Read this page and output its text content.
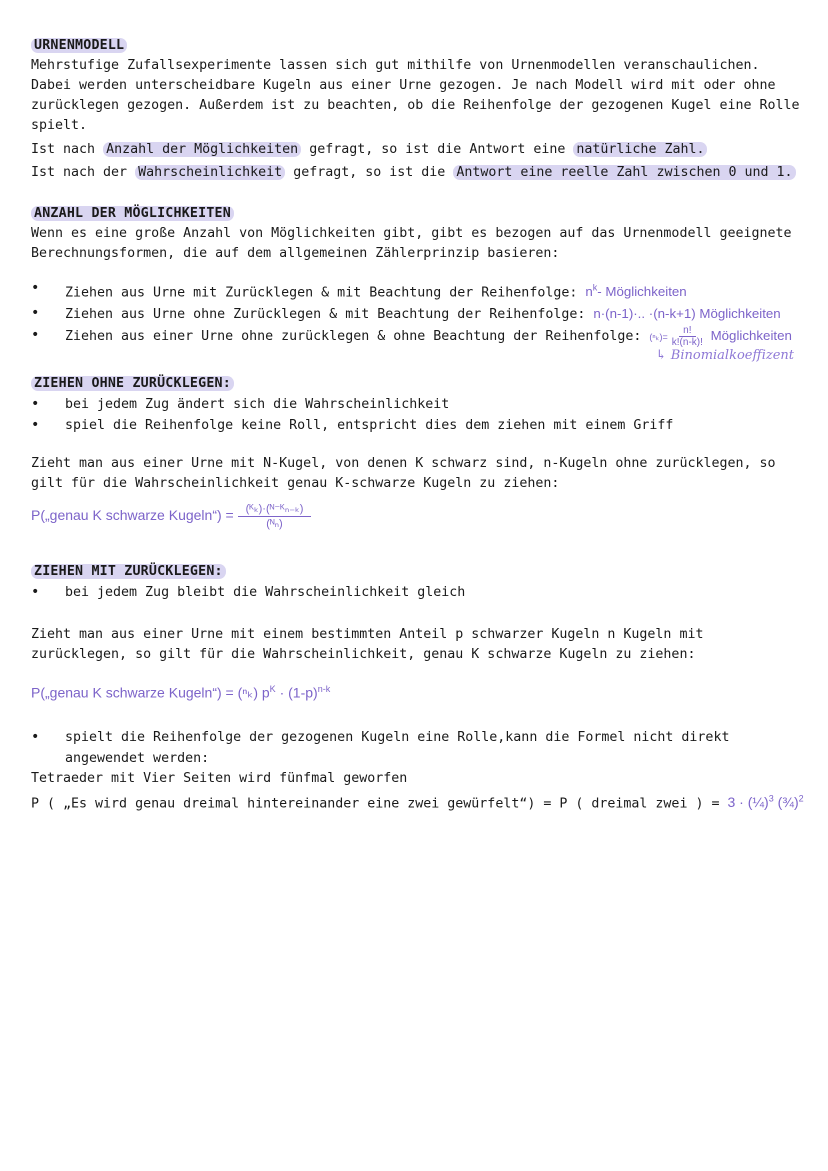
URNENMODELL
Mehrstufige Zufallsexperimente lassen sich gut mithilfe von Urnenmodellen veranschaulichen. Dabei werden unterscheidbare Kugeln aus einer Urne gezogen. Je nach Modell wird mit oder ohne zurücklegen gezogen. Außerdem ist zu beachten, ob die Reihenfolge der gezogenen Kugel eine Rolle spielt.
Ist nach Anzahl der Möglichkeiten gefragt, so ist die Antwort eine natürliche Zahl.
Ist nach der Wahrscheinlichkeit gefragt, so ist die Antwort eine reelle Zahl zwischen 0 und 1.
ANZAHL DER MÖGLICHKEITEN
Wenn es eine große Anzahl von Möglichkeiten gibt, gibt es bezogen auf das Urnenmodell geeignete Berechnungsformen, die auf dem allgemeinen Zählerprinzip basieren:
• Ziehen aus Urne mit Zurücklegen & mit Beachtung der Reihenfolge: $n^k-$ Möglichkeiten
• Ziehen aus Urne ohne Zurücklegen & mit Beachtung der Reihenfolge: n·(n-1)·.. ·(n-k+1) Möglichkeiten
• Ziehen aus einer Urne ohne zurücklegen & ohne Beachtung der Reihenfolge: $(^n_k)= \frac{n!}{k!(n-k)!}$ Möglichkeiten
↳ Binomialkoeffizent
ZIEHEN OHNE ZURÜCKLEGEN:
• bei jedem Zug ändert sich die Wahrscheinlichkeit
• spiel die Reihenfolge keine Roll, entspricht dies dem ziehen mit einem Griff
Zieht man aus einer Urne mit N-Kugel, von denen K schwarz sind, n-Kugeln ohne zurücklegen, so gilt für die Wahrscheinlichkeit genau K-schwarze Kugeln zu ziehen:
P(„genau K schwarze Kugeln“) = $\frac{\text{(ᴷₖ)·(ᴺ⁻ᴷₙ₋ₖ)}}{\text{(ᴺₙ)}}$
ZIEHEN MIT ZURÜCKLEGEN:
• bei jedem Zug bleibt die Wahrscheinlichkeit gleich
Zieht man aus einer Urne mit einem bestimmten Anteil p schwarzer Kugeln n Kugeln mit zurücklegen, so gilt für die Wahrscheinlichkeit, genau K schwarze Kugeln zu ziehen:
P(„genau K schwarze Kugeln“) = (ⁿₖ) $p^K \cdot (1-p)^{n-k}$
• spielt die Reihenfolge der gezogenen Kugeln eine Rolle,kann die Formel nicht direkt angewendet werden:
Tetraeder mit Vier Seiten wird fünfmal geworfen
P ( „Es wird genau dreimal hintereinander eine zwei gewürfelt“) = P ( dreimal zwei ) = 3 · (¼)$^3$ (¾)$^2$
